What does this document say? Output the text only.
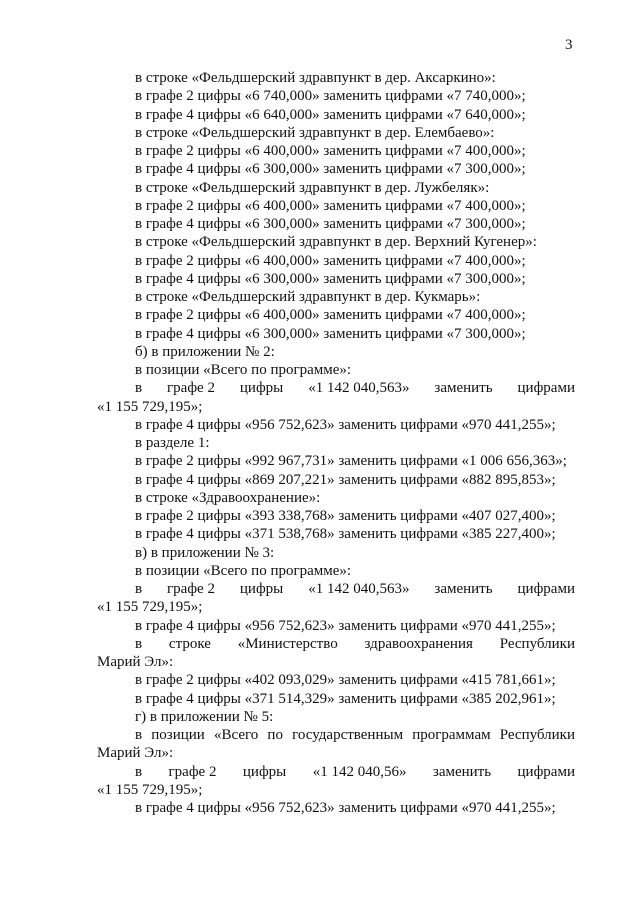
3
в строке «Фельдшерский здравпункт в дер. Аксаркино»:
в графе 2 цифры «6 740,000» заменить цифрами «7 740,000»;
в графе 4 цифры «6 640,000» заменить цифрами «7 640,000»;
в строке «Фельдшерский здравпункт в дер. Елембаево»:
в графе 2 цифры «6 400,000» заменить цифрами «7 400,000»;
в графе 4 цифры «6 300,000» заменить цифрами «7 300,000»;
в строке «Фельдшерский здравпункт в дер. Лужбеляк»:
в графе 2 цифры «6 400,000» заменить цифрами «7 400,000»;
в графе 4 цифры «6 300,000» заменить цифрами «7 300,000»;
в строке «Фельдшерский здравпункт в дер. Верхний Кугенер»:
в графе 2 цифры «6 400,000» заменить цифрами «7 400,000»;
в графе 4 цифры «6 300,000» заменить цифрами «7 300,000»;
в строке «Фельдшерский здравпункт в дер. Кукмарь»:
в графе 2 цифры «6 400,000» заменить цифрами «7 400,000»;
в графе 4 цифры «6 300,000» заменить цифрами «7 300,000»;
б) в приложении № 2:
в позиции «Всего по программе»:
в графе 2 цифры «1 142 040,563» заменить цифрами
«1 155 729,195»;
в графе 4 цифры «956 752,623» заменить цифрами «970 441,255»;
в разделе 1:
в графе 2 цифры «992 967,731» заменить цифрами «1 006 656,363»;
в графе 4 цифры «869 207,221» заменить цифрами «882 895,853»;
в строке «Здравоохранение»:
в графе 2 цифры «393 338,768» заменить цифрами «407 027,400»;
в графе 4 цифры «371 538,768» заменить цифрами «385 227,400»;
в) в приложении № 3:
в позиции «Всего по программе»:
в графе 2 цифры «1 142 040,563» заменить цифрами
«1 155 729,195»;
в графе 4 цифры «956 752,623» заменить цифрами «970 441,255»;
в строке «Министерство здравоохранения Республики
Марий Эл»:
в графе 2 цифры «402 093,029» заменить цифрами «415 781,661»;
в графе 4 цифры «371 514,329» заменить цифрами «385 202,961»;
г) в приложении № 5:
в позиции «Всего по государственным программам Республики
Марий Эл»:
в графе 2 цифры «1 142 040,56» заменить цифрами
«1 155 729,195»;
в графе 4 цифры «956 752,623» заменить цифрами «970 441,255»;
